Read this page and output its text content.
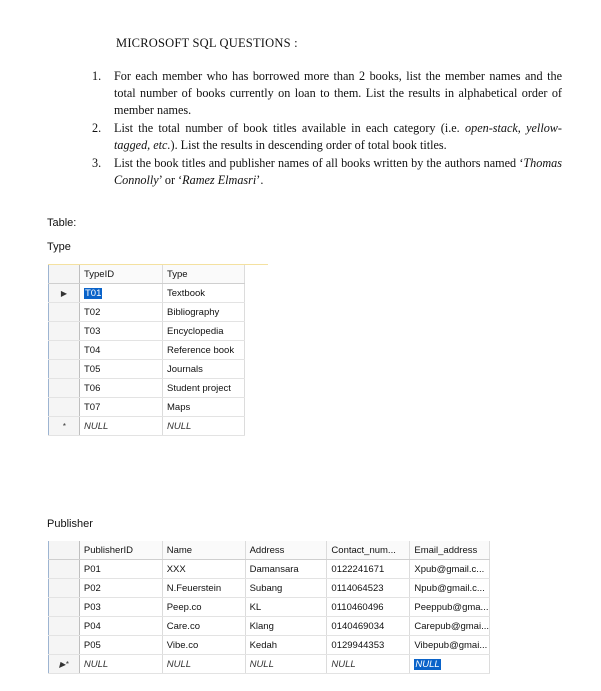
MICROSOFT SQL QUESTIONS :
1.	For each member who has borrowed more than 2 books, list the member names and the total number of books currently on loan to them. List the results in alphabetical order of member names.
2.	List the total number of book titles available in each category (i.e. open-stack, yellow-tagged, etc.). List the results in descending order of total book titles.
3.	List the book titles and publisher names of all books written by the authors named ‘Thomas Connolly’ or ‘Ramez Elmasri’.
Table:
Type
	TypeID	Type
▶	T01	Textbook
	T02	Bibliography
	T03	Encyclopedia
	T04	Reference book
	T05	Journals
	T06	Student project
	T07	Maps
*	NULL	NULL
Publisher
	PublisherID	Name	Address	Contact_num...	Email_address
	P01	XXX	Damansara	0122241671	Xpub@gmail.c...
	P02	N.Feuerstein	Subang	0114064523	Npub@gmail.c...
	P03	Peep.co	KL	0110460496	Peeppub@gma...
	P04	Care.co	Klang	0140469034	Carepub@gmai...
	P05	Vibe.co	Kedah	0129944353	Vibepub@gmai...
▶*	NULL	NULL	NULL	NULL	NULL
